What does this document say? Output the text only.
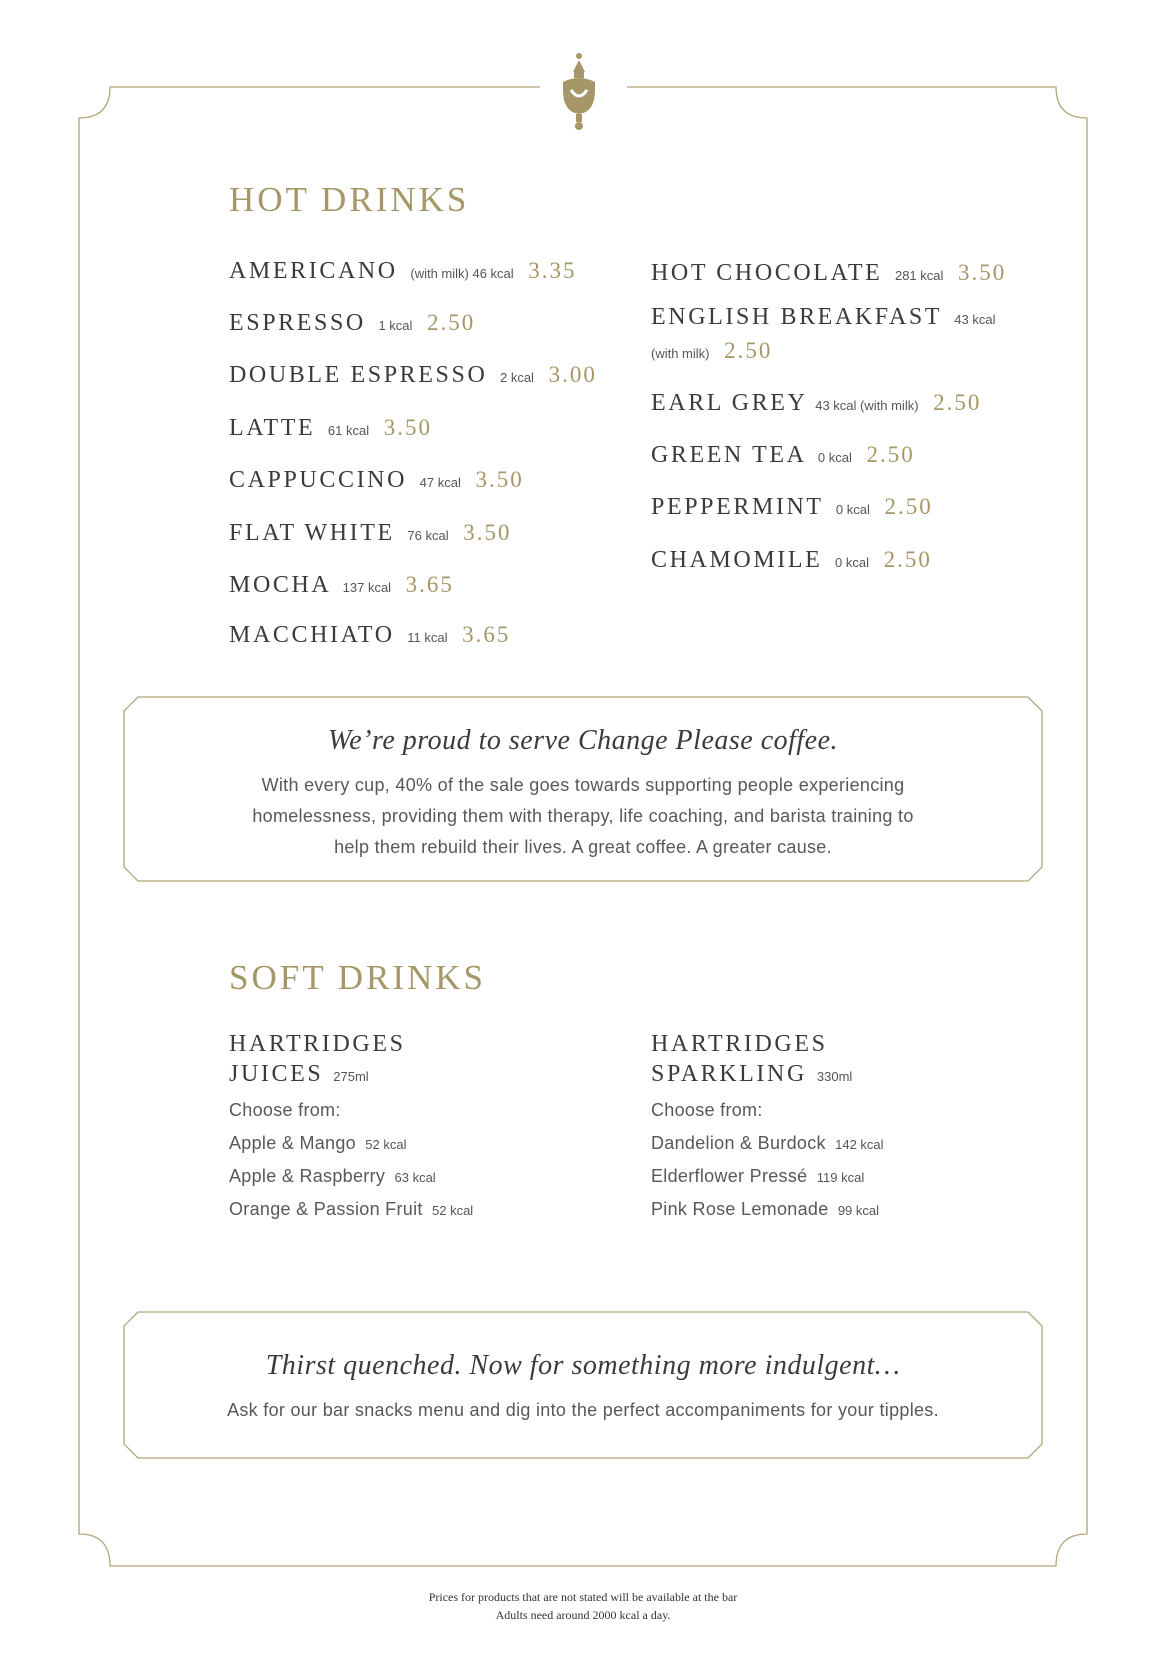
HOT DRINKS
AMERICANO (with milk) 46 kcal 3.35
ESPRESSO 1 kcal 2.50
DOUBLE ESPRESSO 2 kcal 3.00
LATTE 61 kcal 3.50
CAPPUCCINO 47 kcal 3.50
FLAT WHITE 76 kcal 3.50
MOCHA 137 kcal 3.65
MACCHIATO 11 kcal 3.65
HOT CHOCOLATE 281 kcal 3.50
ENGLISH BREAKFAST 43 kcal
(with milk) 2.50
EARL GREY 43 kcal (with milk) 2.50
GREEN TEA 0 kcal 2.50
PEPPERMINT 0 kcal 2.50
CHAMOMILE 0 kcal 2.50
We’re proud to serve Change Please coffee.
With every cup, 40% of the sale goes towards supporting people experiencing
homelessness, providing them with therapy, life coaching, and barista training to
help them rebuild their lives. A great coffee. A greater cause.
SOFT DRINKS
HARTRIDGES
JUICES 275ml
Choose from:
Apple & Mango 52 kcal
Apple & Raspberry 63 kcal
Orange & Passion Fruit 52 kcal
HARTRIDGES
SPARKLING 330ml
Choose from:
Dandelion & Burdock 142 kcal
Elderflower Pressé 119 kcal
Pink Rose Lemonade 99 kcal
Thirst quenched. Now for something more indulgent…
Ask for our bar snacks menu and dig into the perfect accompaniments for your tipples.
Prices for products that are not stated will be available at the bar
Adults need around 2000 kcal a day.
